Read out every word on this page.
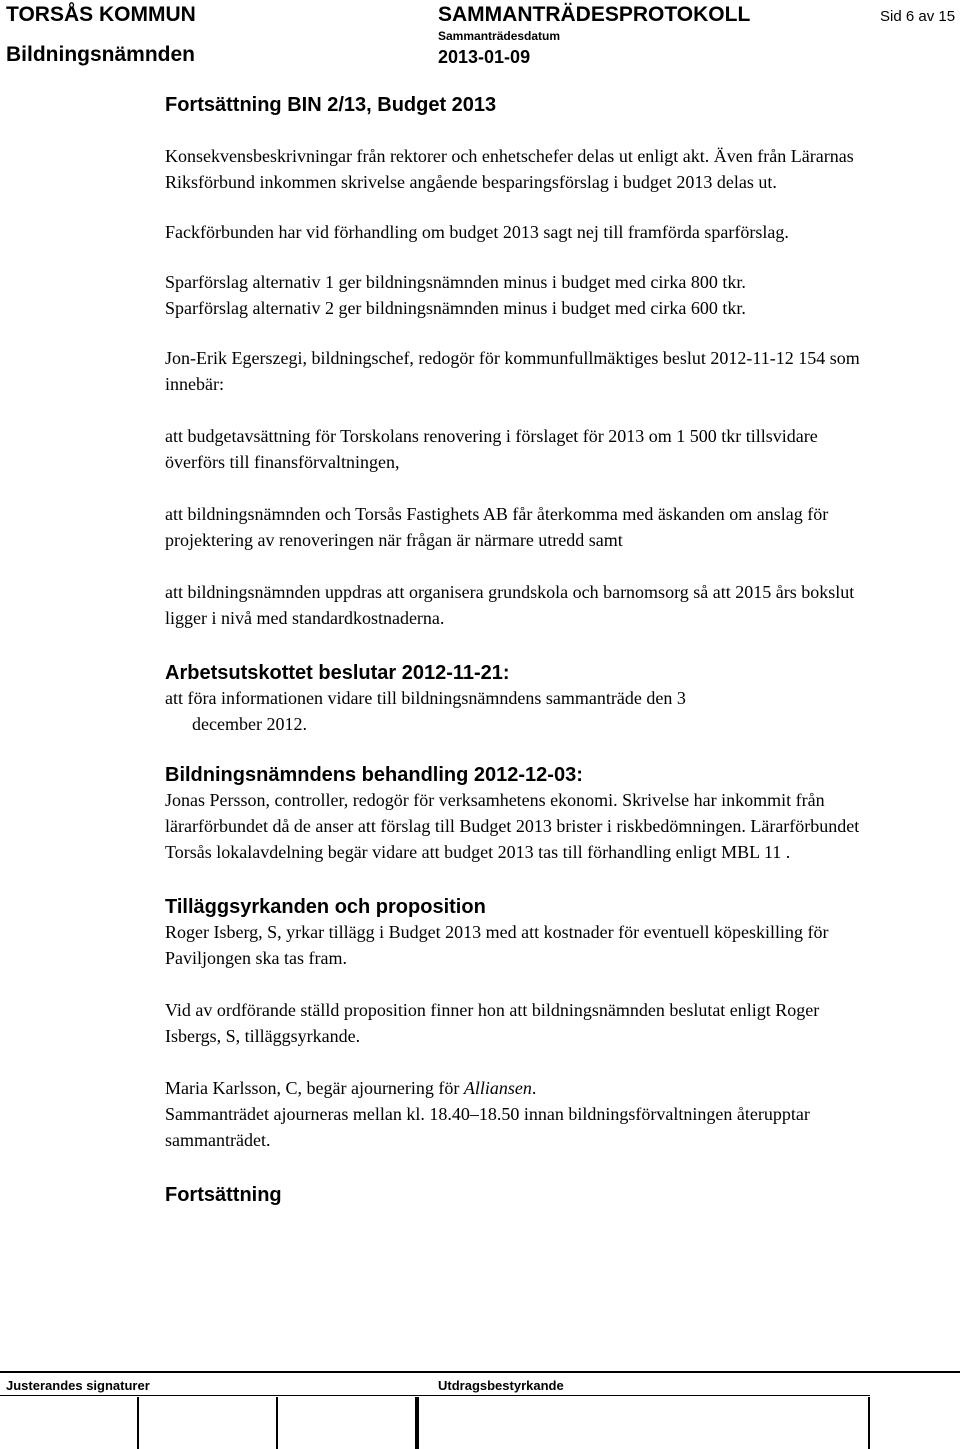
TORSÅS KOMMUN
Bildningsnämnden
SAMMANTRÄDESPROTOKOLL
Sammanträdesdatum
2013-01-09
Sid 6 av 15

Fortsättning BIN 2/13, Budget 2013

Konsekvensbeskrivningar från rektorer och enhetschefer delas ut enligt akt. Även från Lärarnas Riksförbund inkommen skrivelse angående besparingsförslag i budget 2013 delas ut.

Fackförbunden har vid förhandling om budget 2013 sagt nej till framförda sparförslag.

Sparförslag alternativ 1 ger bildningsnämnden minus i budget med cirka 800 tkr.

Sparförslag alternativ 2 ger bildningsnämnden minus i budget med cirka 600 tkr.

Jon-Erik Egerszegi, bildningschef, redogör för kommunfullmäktiges beslut 2012-11-12 154 som innebär:

att budgetavsättning för Torskolans renovering i förslaget för 2013 om 1 500 tkr tillsvidare överförs till finansförvaltningen,

att bildningsnämnden och Torsås Fastighets AB får återkomma med äskanden om anslag för projektering av renoveringen när frågan är närmare utredd samt

att bildningsnämnden uppdras att organisera grundskola och barnomsorg så att 2015 års bokslut ligger i nivå med standardkostnaderna.

Arbetsutskottet beslutar 2012-11-21:

att föra informationen vidare till bildningsnämndens sammanträde den 3

december 2012.

Bildningsnämndens behandling 2012-12-03:

Jonas Persson, controller, redogör för verksamhetens ekonomi. Skrivelse har inkommit från lärarförbundet då de anser att förslag till Budget 2013 brister i riskbedömningen. Lärarförbundet Torsås lokalavdelning begär vidare att budget 2013 tas till förhandling enligt MBL 11 .

Tilläggsyrkanden och proposition

Roger Isberg, S, yrkar tillägg i Budget 2013 med att kostnader för eventuell köpeskilling för Paviljongen ska tas fram.

Vid av ordförande ställd proposition finner hon att bildningsnämnden beslutat enligt Roger Isbergs, S, tilläggsyrkande.

Maria Karlsson, C, begär ajournering för Alliansen.

Sammanträdet ajourneras mellan kl. 18.40–18.50 innan bildningsförvaltningen återupptar sammanträdet.

Fortsättning

Justerandes signaturer	Utdragsbestyrkande
